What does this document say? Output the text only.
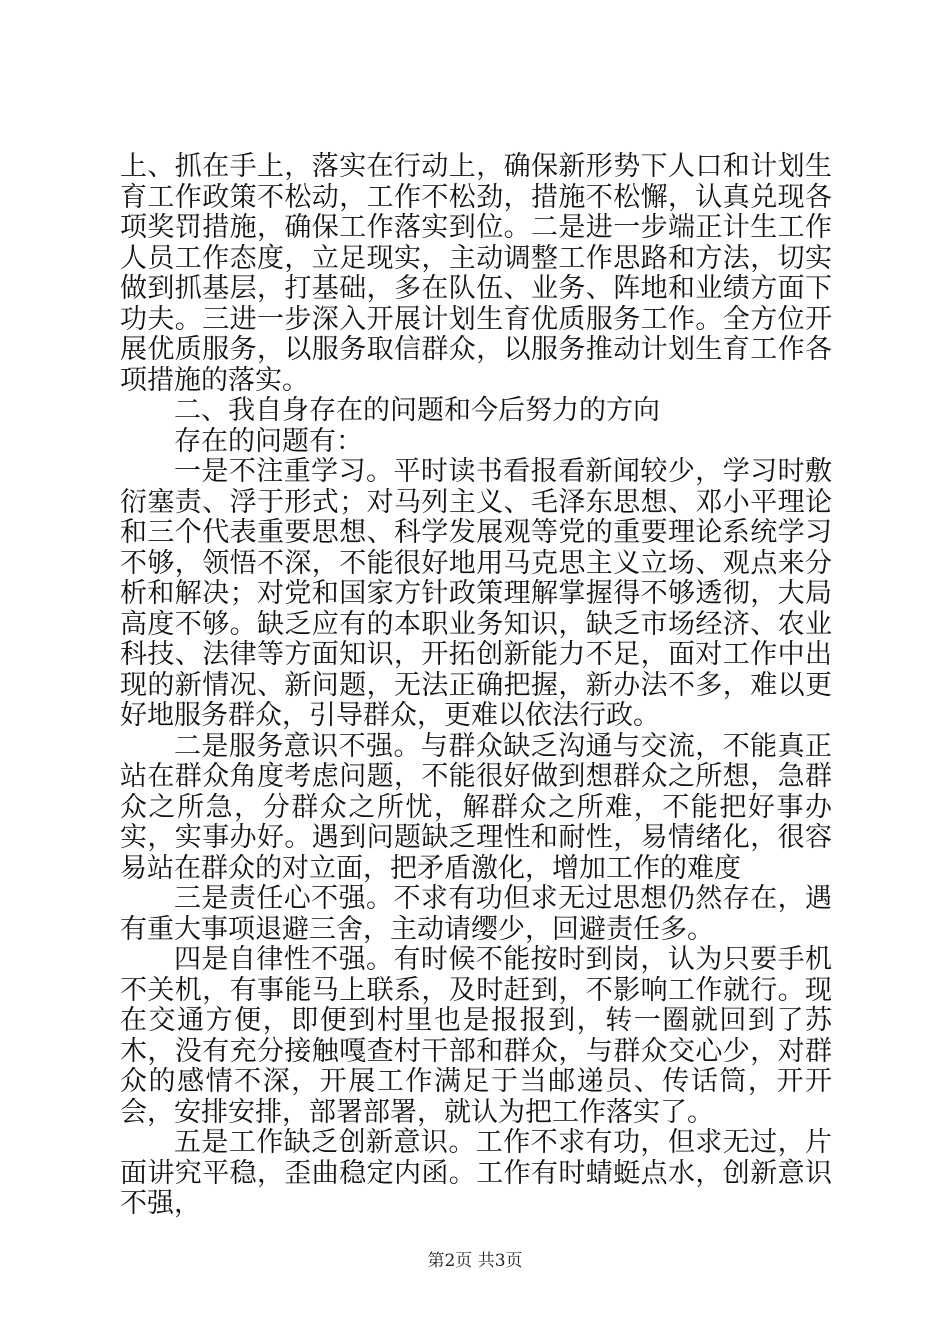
上、抓在手上，落实在行动上，确保新形势下人口和计划生育工作政策不松动，工作不松劲，措施不松懈，认真兑现各项奖罚措施，确保工作落实到位。二是进一步端正计生工作人员工作态度，立足现实，主动调整工作思路和方法，切实做到抓基层，打基础，多在队伍、业务、阵地和业绩方面下功夫。三进一步深入开展计划生育优质服务工作。全方位开展优质服务，以服务取信群众，以服务推动计划生育工作各项措施的落实。

二、我自身存在的问题和今后努力的方向

存在的问题有：

一是不注重学习。平时读书看报看新闻较少，学习时敷衍塞责、浮于形式；对马列主义、毛泽东思想、邓小平理论和三个代表重要思想、科学发展观等党的重要理论系统学习不够，领悟不深，不能很好地用马克思主义立场、观点来分析和解决；对党和国家方针政策理解掌握得不够透彻，大局高度不够。缺乏应有的本职业务知识，缺乏市场经济、农业科技、法律等方面知识，开拓创新能力不足，面对工作中出现的新情况、新问题，无法正确把握，新办法不多，难以更好地服务群众，引导群众，更难以依法行政。

二是服务意识不强。与群众缺乏沟通与交流，不能真正站在群众角度考虑问题，不能很好做到想群众之所想，急群众之所急，分群众之所忧，解群众之所难，不能把好事办实，实事办好。遇到问题缺乏理性和耐性，易情绪化，很容易站在群众的对立面，把矛盾激化，增加工作的难度

三是责任心不强。不求有功但求无过思想仍然存在，遇有重大事项退避三舍，主动请缨少，回避责任多。

四是自律性不强。有时候不能按时到岗，认为只要手机不关机，有事能马上联系，及时赶到，不影响工作就行。现在交通方便，即便到村里也是报报到，转一圈就回到了苏木，没有充分接触嘎查村干部和群众，与群众交心少，对群众的感情不深，开展工作满足于当邮递员、传话筒，开开会，安排安排，部署部署，就认为把工作落实了。

五是工作缺乏创新意识。工作不求有功，但求无过，片面讲究平稳，歪曲稳定内函。工作有时蜻蜓点水，创新意识不强，

第2页 共3页
